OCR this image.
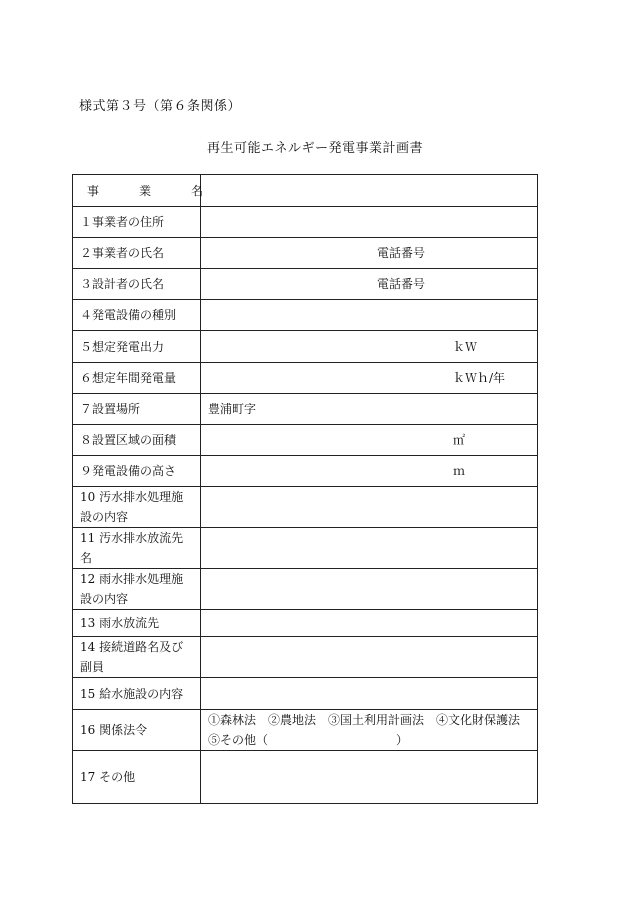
様式第３号（第６条関係）
再生可能エネルギー発電事業計画書
事　業　名	
１事業者の住所	
２事業者の氏名	電話番号

３設計者の氏名	電話番号

４発電設備の種別	
５想定発電出力	ｋＷ

６想定年間発電量	ｋＷｈ/年

７設置場所	豊浦町字
８設置区域の面積	㎡

９発電設備の高さ	ｍ

10 汚水排水処理施
設の内容	

11 汚水排水放流先
名	

12 雨水排水処理施
設の内容	

13 雨水放流先	

14 接続道路名及び
副員	

15 給水施設の内容	
16 関係法令	①森林法　②農地法　③国土利用計画法　④文化財保護法
⑤その他（ ）

17 その他	
